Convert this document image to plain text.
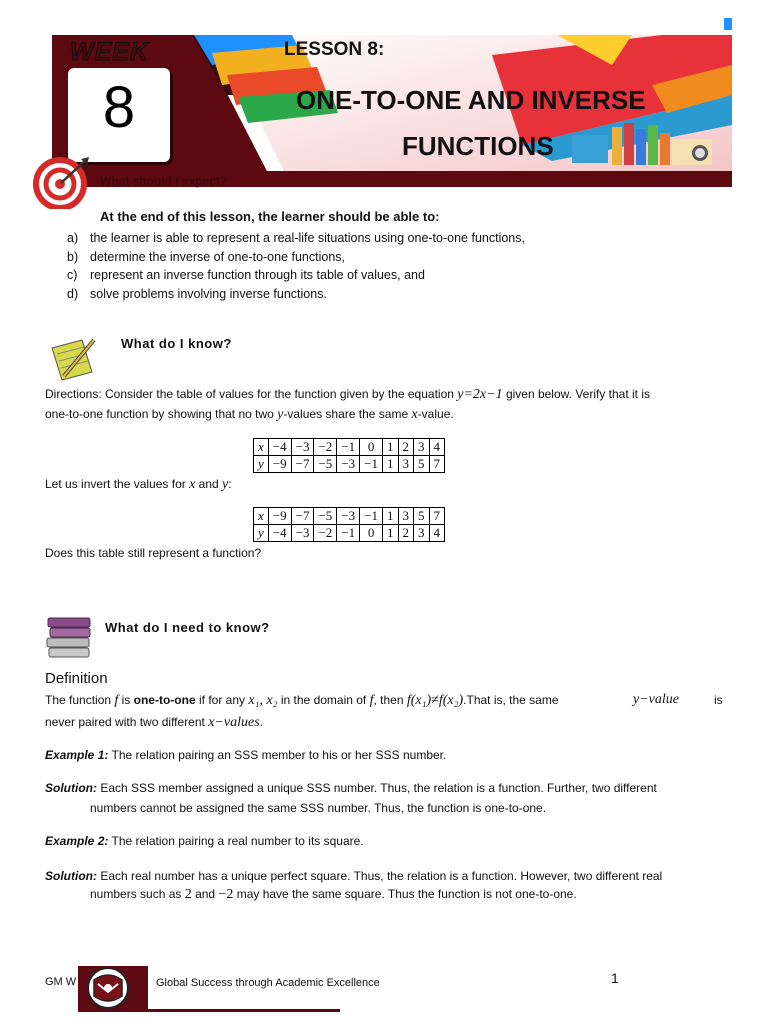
WEEK
8
LESSON 8:
ONE-TO-ONE AND INVERSE
FUNCTIONS
What should I expect?
At the end of this lesson, the learner should be able to:
a) the learner is able to represent a real-life situations using one-to-one functions,
b) determine the inverse of one-to-one functions,
c) represent an inverse function through its table of values, and
d) solve problems involving inverse functions.
What do I know?
Directions: Consider the table of values for the function given by the equation y=2x−1 given below. Verify that it is
one-to-one function by showing that no two y-values share the same x-value.
x	−4	−3	−2	−1	0	1	2	3	4
y	−9	−7	−5	−3	−1	1	3	5	7
Let us invert the values for x and y:
x	−9	−7	−5	−3	−1	1	3	5	7
y	−4	−3	−2	−1	0	1	2	3	4
Does this table still represent a function?
What do I need to know?
Definition
The function f is one-to-one if for any x₁, x₂ in the domain of f, then f(x₁)≠f(x₂).That is, the same	y−value	is
never paired with two different x−values.
Example 1: The relation pairing an SSS member to his or her SSS number.
Solution: Each SSS member assigned a unique SSS number. Thus, the relation is a function. Further, two different
numbers cannot be assigned the same SSS number. Thus, the function is one-to-one.
Example 2: The relation pairing a real number to its square.
Solution: Each real number has a unique perfect square. Thus, the relation is a function. However, two different real
numbers such as 2 and −2 may have the same square. Thus the function is not one-to-one.
GM W	Global Success through Academic Excellence	1
